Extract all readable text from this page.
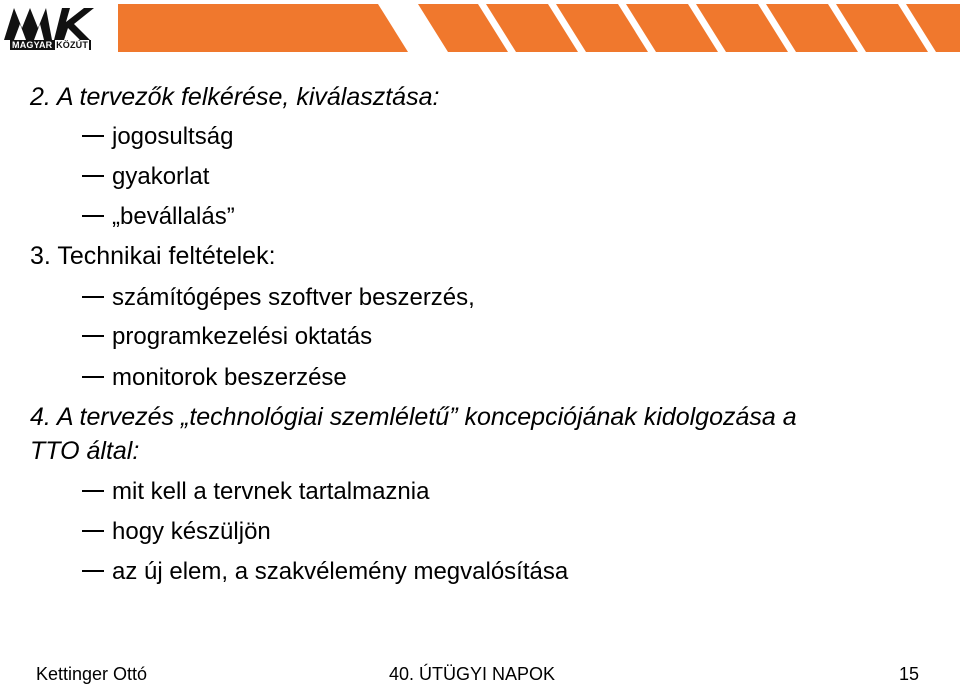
MAGYAR KÖZÚT
2. A tervezők felkérése, kiválasztása:
jogosultság
gyakorlat
„bevállalás”
3. Technikai feltételek:
számítógépes szoftver beszerzés,
programkezelési oktatás
monitorok beszerzése
4. A tervezés „technológiai szemléletű” koncepciójának kidolgozása a
TTO által:
mit kell a tervnek tartalmaznia
hogy készüljön
az új elem, a szakvélemény megvalósítása
Kettinger Ottó	40. ÚTÜGYI NAPOK	15
